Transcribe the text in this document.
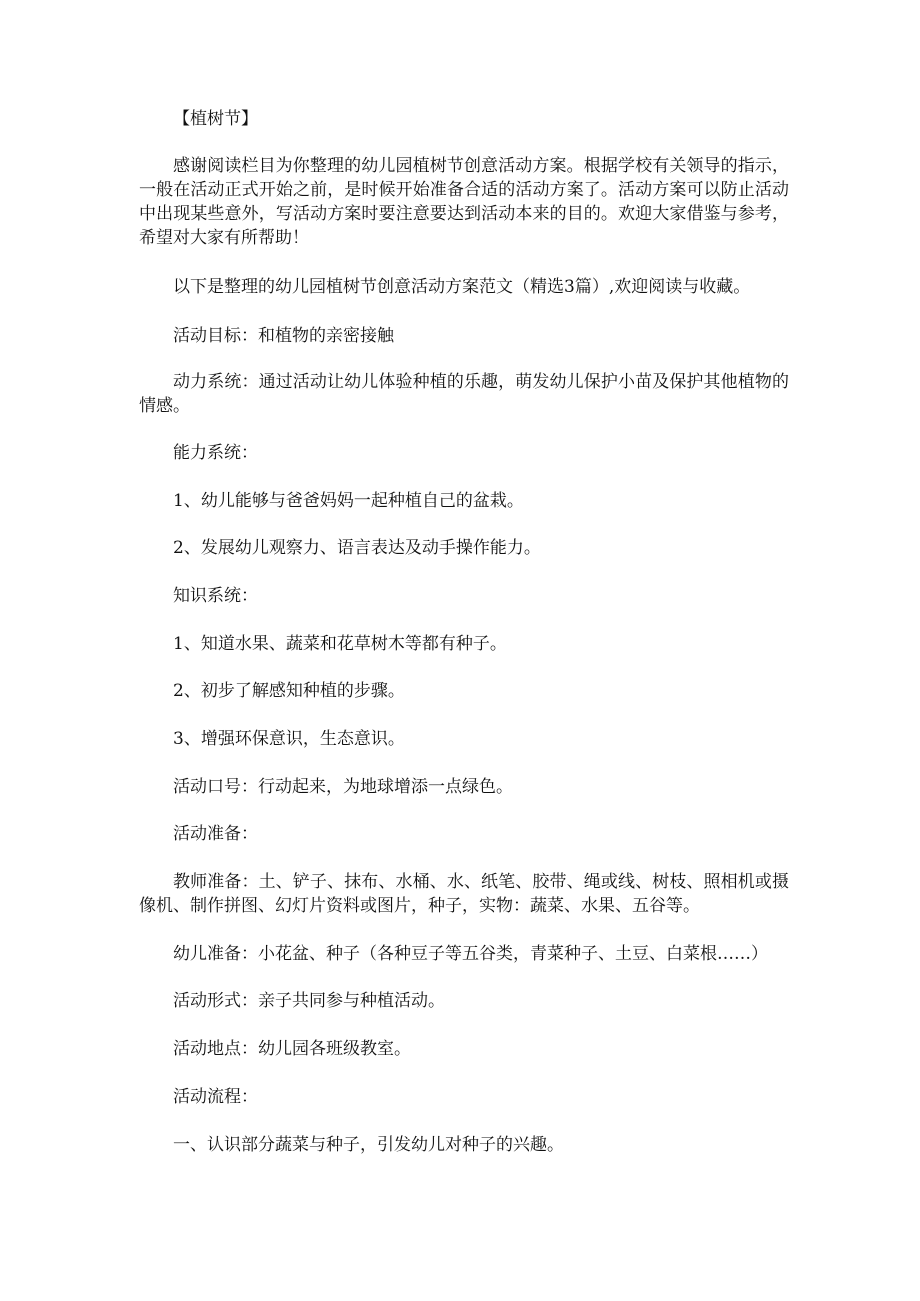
【植树节】

感谢阅读栏目为你整理的幼儿园植树节创意活动方案。根据学校有关领导的指示，一般在活动正式开始之前，是时候开始准备合适的活动方案了。活动方案可以防止活动中出现某些意外，写活动方案时要注意要达到活动本来的目的。欢迎大家借鉴与参考，希望对大家有所帮助！

以下是整理的幼儿园植树节创意活动方案范文（精选3篇）,欢迎阅读与收藏。

活动目标：和植物的亲密接触

动力系统：通过活动让幼儿体验种植的乐趣，萌发幼儿保护小苗及保护其他植物的情感。

能力系统：

1、幼儿能够与爸爸妈妈一起种植自己的盆栽。

2、发展幼儿观察力、语言表达及动手操作能力。

知识系统：

1、知道水果、蔬菜和花草树木等都有种子。

2、初步了解感知种植的步骤。

3、增强环保意识，生态意识。

活动口号：行动起来，为地球增添一点绿色。

活动准备：

教师准备：土、铲子、抹布、水桶、水、纸笔、胶带、绳或线、树枝、照相机或摄像机、制作拼图、幻灯片资料或图片，种子，实物：蔬菜、水果、五谷等。

幼儿准备：小花盆、种子（各种豆子等五谷类，青菜种子、土豆、白菜根……）

活动形式：亲子共同参与种植活动。

活动地点：幼儿园各班级教室。

活动流程：

一、认识部分蔬菜与种子，引发幼儿对种子的兴趣。
